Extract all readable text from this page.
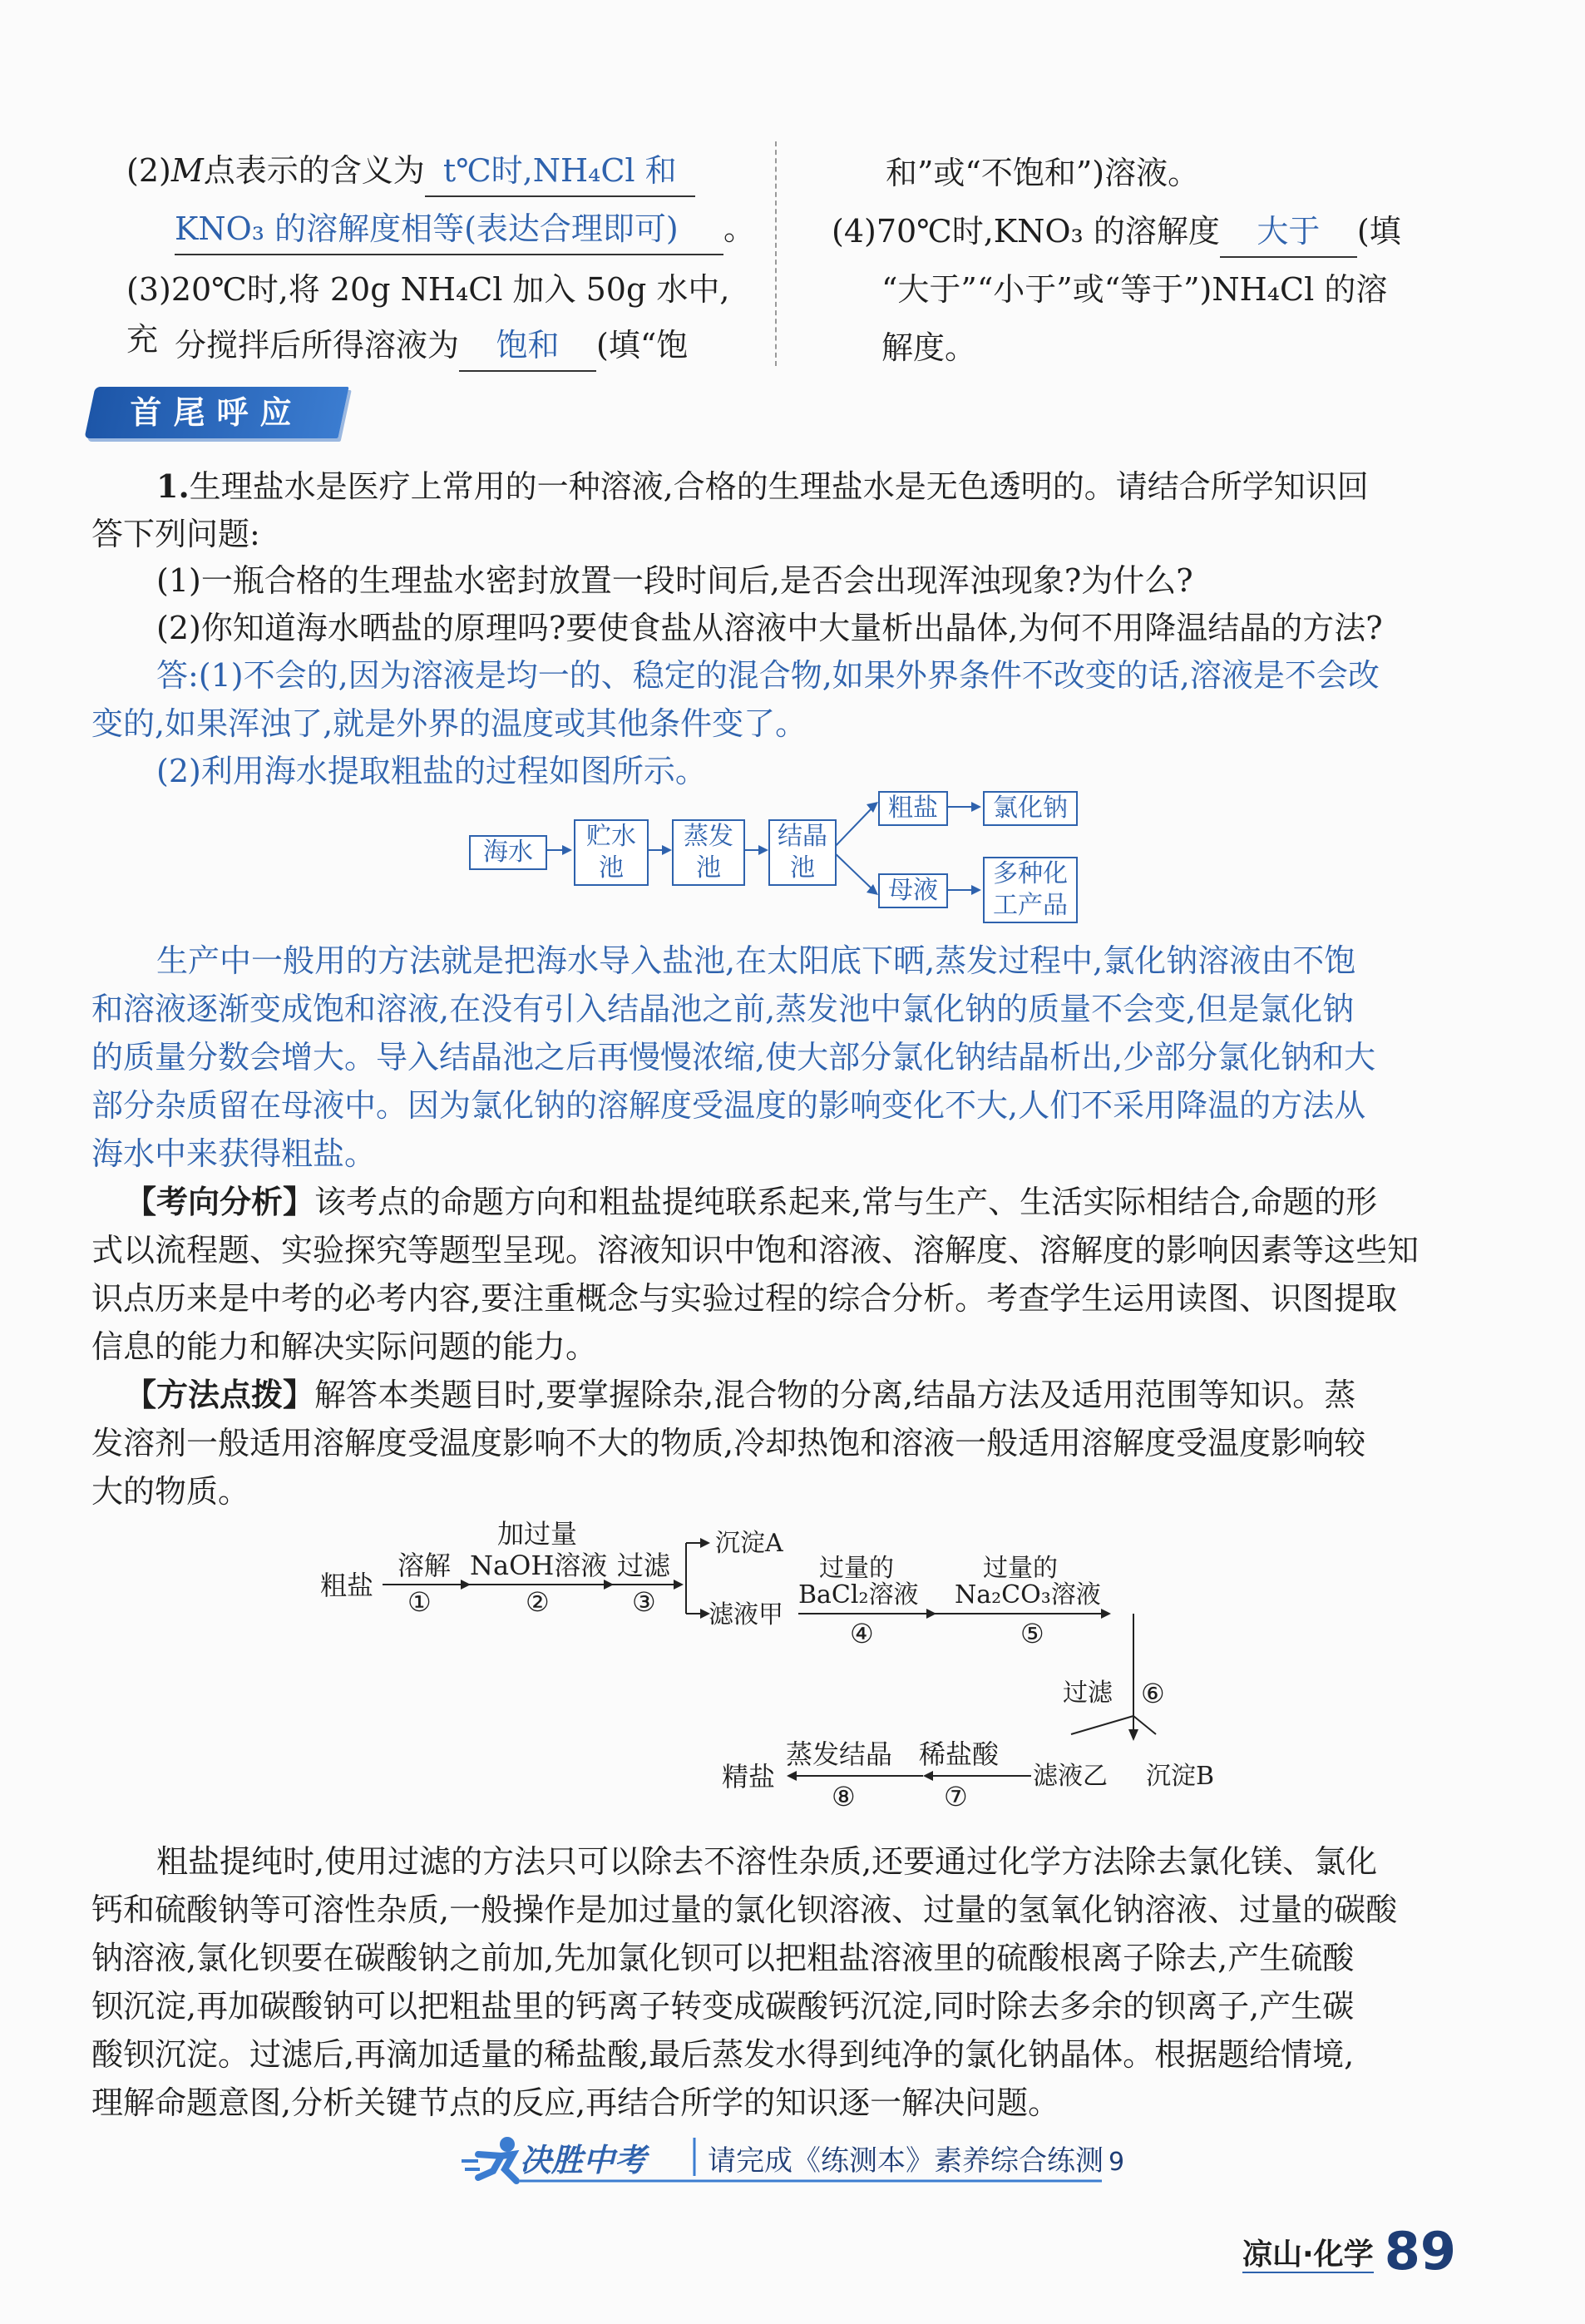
(2)M点表示的含义为 t℃时,NH₄Cl 和
KNO₃ 的溶解度相等(表达合理即可) 。
(3)20℃时,将 20g NH₄Cl 加入 50g 水中,充 分搅拌后所得溶液为 饱和 (填“饱
和”或“不饱和”)溶液。
(4)70℃时,KNO₃ 的溶解度 大于 (填
“大于”“小于”或“等于”)NH₄Cl 的溶
解度。
首尾呼应
1.生理盐水是医疗上常用的一种溶液,合格的生理盐水是无色透明的。请结合所学知识回
答下列问题:
(1)一瓶合格的生理盐水密封放置一段时间后,是否会出现浑浊现象?为什么?
(2)你知道海水晒盐的原理吗?要使食盐从溶液中大量析出晶体,为何不用降温结晶的方法?
答:(1)不会的,因为溶液是均一的、稳定的混合物,如果外界条件不改变的话,溶液是不会改
变的,如果浑浊了,就是外界的温度或其他条件变了。
(2)利用海水提取粗盐的过程如图所示。
海水
贮水
池
蒸发
池
结晶
池
粗盐	氯化钠
母液
多种化
工产品
生产中一般用的方法就是把海水导入盐池,在太阳底下晒,蒸发过程中,氯化钠溶液由不饱
和溶液逐渐变成饱和溶液,在没有引入结晶池之前,蒸发池中氯化钠的质量不会变,但是氯化钠
的质量分数会增大。导入结晶池之后再慢慢浓缩,使大部分氯化钠结晶析出,少部分氯化钠和大
部分杂质留在母液中。因为氯化钠的溶解度受温度的影响变化不大,人们不采用降温的方法从
海水中来获得粗盐。
【考向分析】该考点的命题方向和粗盐提纯联系起来,常与生产、生活实际相结合,命题的形
式以流程题、实验探究等题型呈现。溶液知识中饱和溶液、溶解度、溶解度的影响因素等这些知
识点历来是中考的必考内容,要注重概念与实验过程的综合分析。考查学生运用读图、识图提取
信息的能力和解决实际问题的能力。
【方法点拨】解答本类题目时,要掌握除杂,混合物的分离,结晶方法及适用范围等知识。蒸
发溶剂一般适用溶解度受温度影响不大的物质,冷却热饱和溶液一般适用溶解度受温度影响较
大的物质。
粗盐
溶解
①
加过量
NaOH溶液
②
过滤
③
沉淀A
滤液甲
过量的
BaCl₂溶液
④
过量的
Na₂CO₃溶液
⑤
过滤 ⑥
滤液乙 沉淀B
稀盐酸
⑦
蒸发结晶
⑧
精盐
粗盐提纯时,使用过滤的方法只可以除去不溶性杂质,还要通过化学方法除去氯化镁、氯化
钙和硫酸钠等可溶性杂质,一般操作是加过量的氯化钡溶液、过量的氢氧化钠溶液、过量的碳酸
钠溶液,氯化钡要在碳酸钠之前加,先加氯化钡可以把粗盐溶液里的硫酸根离子除去,产生硫酸
钡沉淀,再加碳酸钠可以把粗盐里的钙离子转变成碳酸钙沉淀,同时除去多余的钡离子,产生碳
酸钡沉淀。过滤后,再滴加适量的稀盐酸,最后蒸发水得到纯净的氯化钠晶体。根据题给情境,
理解命题意图,分析关键节点的反应,再结合所学的知识逐一解决问题。
决胜中考 请完成《练测本》素养综合练测 9
凉山·化学 89
